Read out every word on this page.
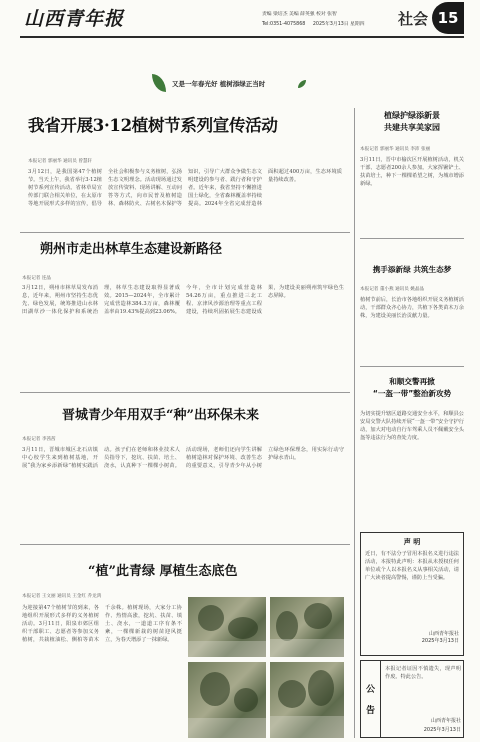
山西青年报	责编 梁培杰 美编 薛英强 校对 张智
Tel:0351-4075868 2025年3月13日 星期四 社会 15
又是一年春光好 植树添绿正当时
我省开展3·12植树节系列宣传活动
本报记者 郭丽华 通讯员 曾慧轩
3月12日，是我国第47个植树节。当天上午，我省举行3·12植树节系列宣传活动。省林草局宣传部门联合相关单位，在太原市等地开展形式多样的宣传，倡导全社会积极参与义务植树，弘扬生态文明理念。活动现场通过发放宣传资料、现场讲解、互动问答等方式，向市民普及植树造林、森林防火、古树名木保护等知识，引导广大群众争做生态文明建设的参与者、践行者和守护者。近年来，我省坚持不懈推进国土绿化，全省森林覆盖率持续提高。2024年全省完成营造林面积超过400万亩，生态环境质量持续改善。
朔州市走出林草生态建设新路径
本报记者 连晶
3月12日，朔州市林草局发布消息，近年来，朔州市坚持生态优先、绿色发展，统筹推进山水林田湖草沙一体化保护和系统治理，林草生态建设取得显著成效。2015—2024年，全市累计完成营造林384.3万亩，森林覆盖率由19.43%提高到23.06%。今年，全市计划完成营造林54.26万亩，重点推进三北工程、京津风沙源治理等重点工程建设，持续巩固拓展生态建设成果，为建设美丽朔州筑牢绿色生态屏障。
晋城青少年用双手“种”出环保未来
本报记者 李茜茜
3月11日，晋城市城区北石店镇中心校学生来到植树基地，开展“我为家乡添新绿”植树实践活动。孩子们在老师和林业技术人员指导下，挖坑、扶苗、培土、浇水，认真种下一棵棵小树苗。活动现场，老师们还向学生讲解植树造林对保护环境、改善生态的重要意义，引导青少年从小树立绿色环保理念，用实际行动守护绿水青山。
“植”此青绿 厚植生态底色
本报记者 王文丽 通讯员 王金红 乔龙鸿
为迎接第47个植树节的到来，各地组织开展形式多样的义务植树活动。3月11日，阳泉市郊区组织干部职工、志愿者等参加义务植树，共栽植油松、侧柏等苗木千余株。植树现场，大家分工协作、热情高涨，挖坑、扶苗、填土、浇水，一道道工序有条不紊，一棵棵新栽的树苗迎风挺立，为春天增添了一抹新绿。
植绿护绿添新景
共建共享美家园
本报记者 郭丽华 通讯员 李沛 张丽
3月11日，晋中市榆次区开展植树活动，机关干部、志愿者200余人参加。大家挥锹铲土、扶苗培土，种下一棵棵希望之树，为城市增添新绿。
携手添新绿 共筑生态梦
本报记者 董小燕 通讯员 姚晶晶
植树节前后，长治市各地组织开展义务植树活动，干部群众齐心协力，共植下各类苗木万余株，为建设美丽长治贡献力量。
和顺交警再掀
“一盔一带”整治新攻势
为切实提升辖区道路交通安全水平，和顺县公安局交警大队持续开展“一盔一带”安全守护行动，加大对电动自行车驾乘人员不佩戴安全头盔等违法行为的查处力度。
声 明
近日，有不法分子冒用本报名义进行违法活动，本报特此声明：本报从未授权任何单位或个人以本报名义从事相关活动，请广大读者提高警惕，谨防上当受骗。
山西青年报社
2025年3月13日
公
告
本报记者证因不慎遗失，现声明作废。特此公告。
山西青年报社
2025年3月13日
